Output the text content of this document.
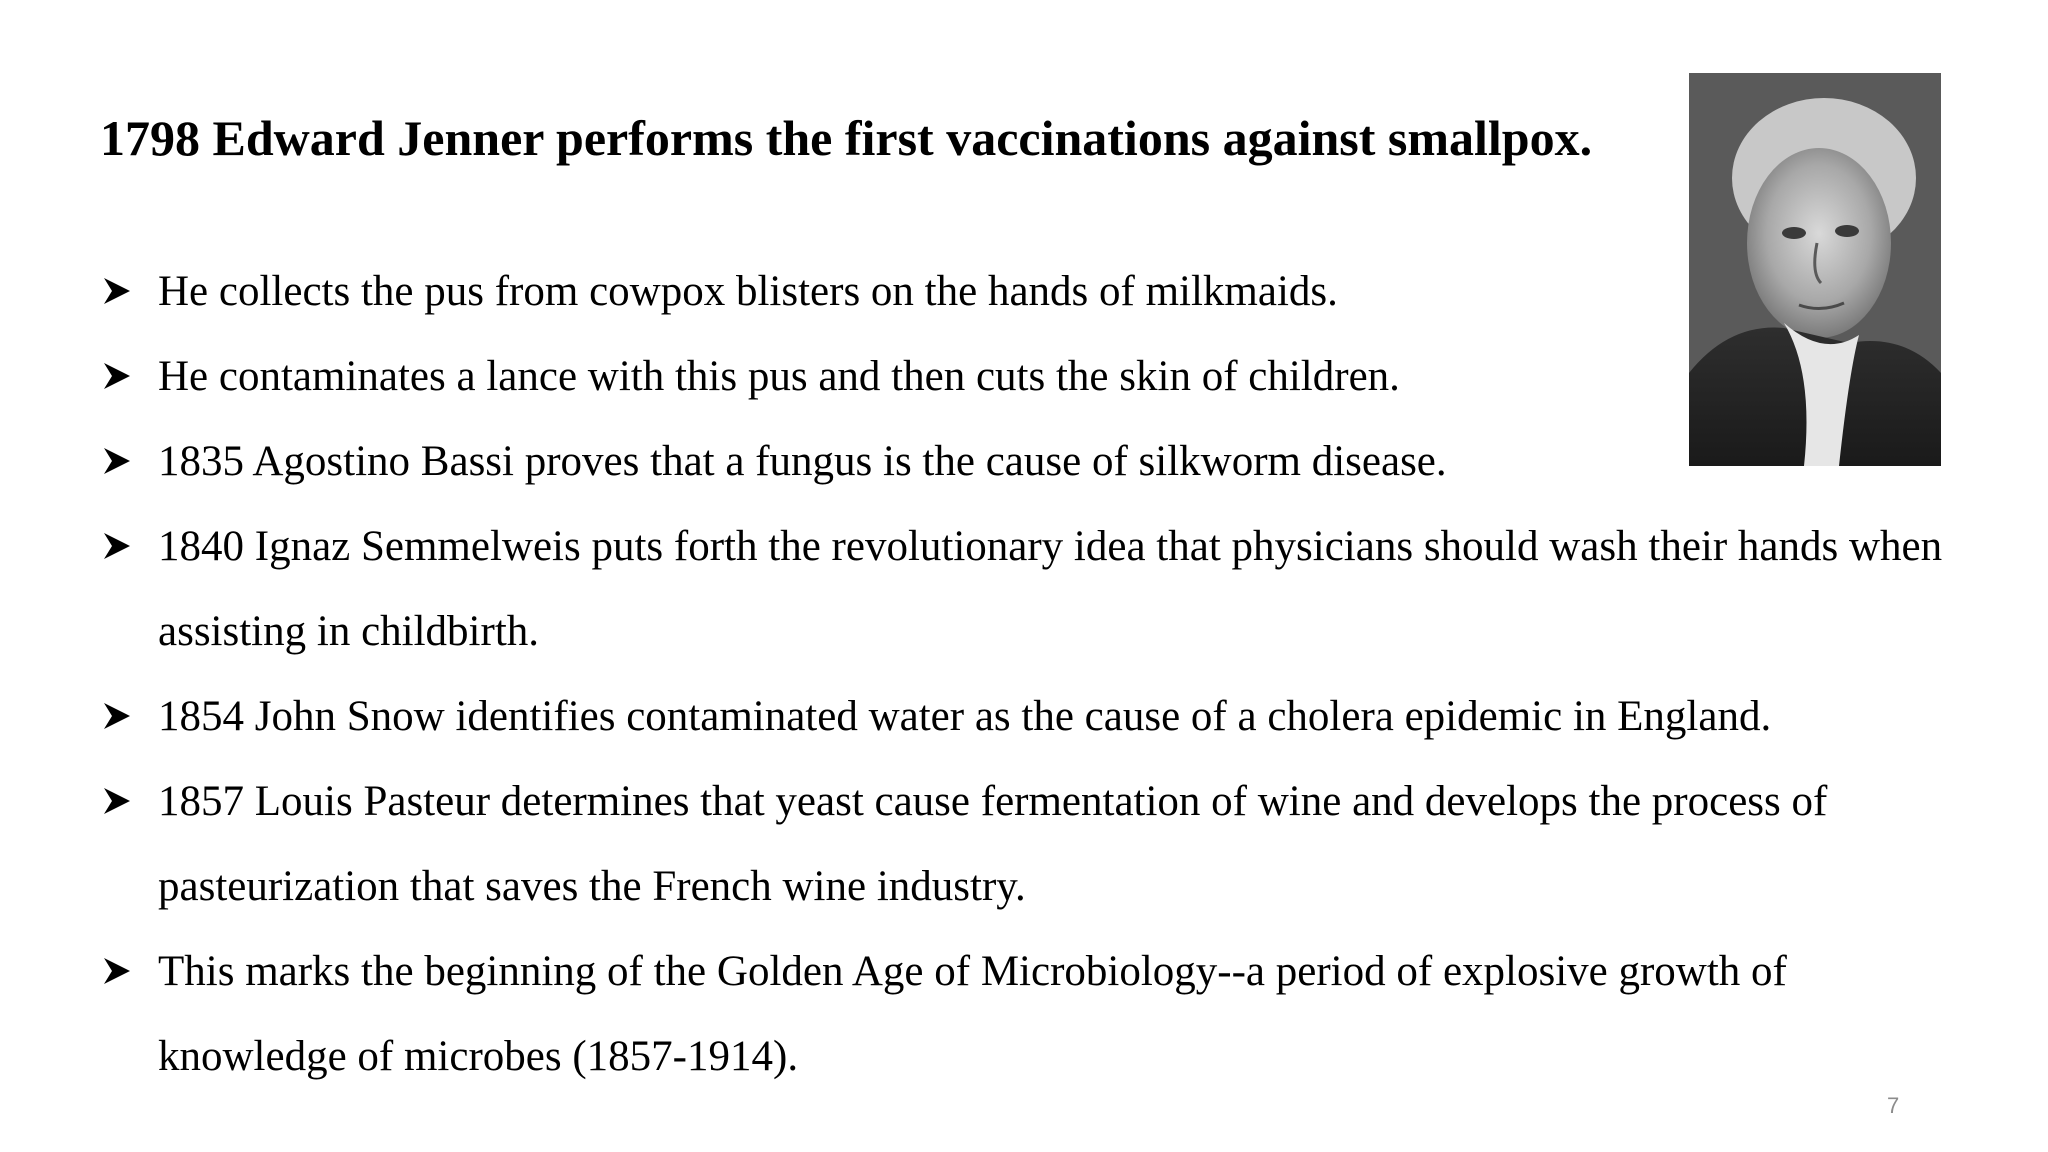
1798 Edward Jenner performs the first vaccinations against smallpox.
He collects the pus from cowpox blisters on the hands of milkmaids.
He contaminates a lance with this pus and then cuts the skin of children.
1835 Agostino Bassi proves that a fungus is the cause of silkworm disease.
1840 Ignaz Semmelweis puts forth the revolutionary idea that physicians should wash their hands when assisting in childbirth.
1854 John Snow identifies contaminated water as the cause of a cholera epidemic in England.
1857 Louis Pasteur determines that yeast cause fermentation of wine and develops the process of pasteurization that saves the French wine industry.
This marks the beginning of the Golden Age of Microbiology--a period of explosive growth of knowledge of microbes (1857-1914).
7
